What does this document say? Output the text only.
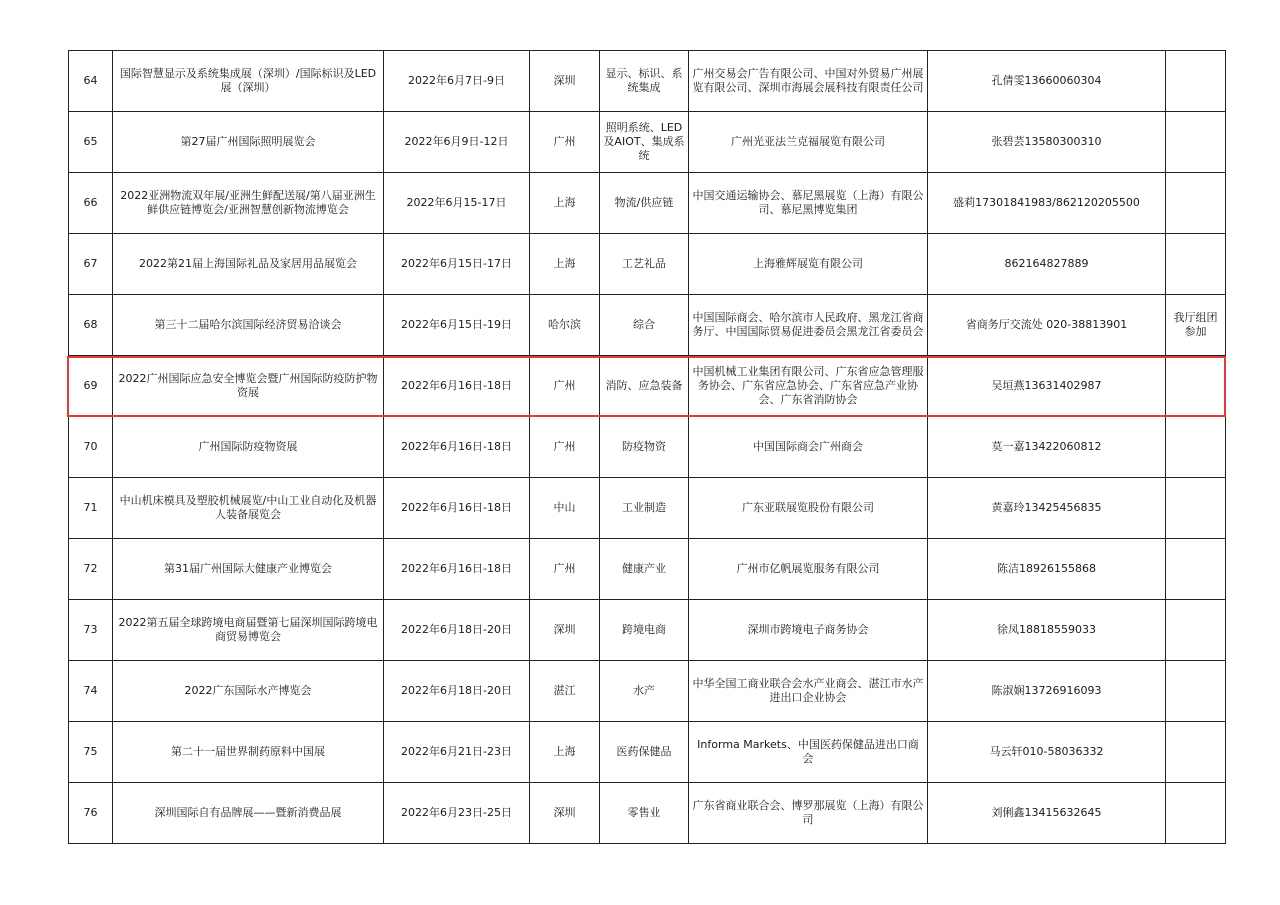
64	国际智慧显示及系统集成展（深圳）/国际标识及LED展（深圳）	2022年6月7日-9日	深圳	显示、标识、系统集成	广州交易会广告有限公司、中国对外贸易广州展览有限公司、深圳市海展会展科技有限责任公司	孔倩雯13660060304	
65	第27届广州国际照明展览会	2022年6月9日-12日	广州	照明系统、LED及AIOT、集成系统	广州光亚法兰克福展览有限公司	张碧芸13580300310	
66	2022亚洲物流双年展/亚洲生鲜配送展/第八届亚洲生鲜供应链博览会/亚洲智慧创新物流博览会	2022年6月15-17日	上海	物流/供应链	中国交通运输协会、慕尼黑展览（上海）有限公司、慕尼黑博览集团	盛莉17301841983/862120205500	
67	2022第21届上海国际礼品及家居用品展览会	2022年6月15日-17日	上海	工艺礼品	上海雅辉展览有限公司	862164827889	
68	第三十二届哈尔滨国际经济贸易洽谈会	2022年6月15日-19日	哈尔滨	综合	中国国际商会、哈尔滨市人民政府、黑龙江省商务厅、中国国际贸易促进委员会黑龙江省委员会	省商务厅交流处 020-38813901	我厅组团参加
69	2022广州国际应急安全博览会暨广州国际防疫防护物资展	2022年6月16日-18日	广州	消防、应急装备	中国机械工业集团有限公司、广东省应急管理服务协会、广东省应急协会、广东省应急产业协会、广东省消防协会	吴垣燕13631402987	
70	广州国际防疫物资展	2022年6月16日-18日	广州	防疫物资	中国国际商会广州商会	莫一嘉13422060812	
71	中山机床模具及塑胶机械展览/中山工业自动化及机器人装备展览会	2022年6月16日-18日	中山	工业制造	广东亚联展览股份有限公司	黄嘉玲13425456835	
72	第31届广州国际大健康产业博览会	2022年6月16日-18日	广州	健康产业	广州市亿帆展览服务有限公司	陈洁18926155868	
73	2022第五届全球跨境电商届暨第七届深圳国际跨境电商贸易博览会	2022年6月18日-20日	深圳	跨境电商	深圳市跨境电子商务协会	徐凤18818559033	
74	2022广东国际水产博览会	2022年6月18日-20日	湛江	水产	中华全国工商业联合会水产业商会、湛江市水产进出口企业协会	陈淑娴13726916093	
75	第二十一届世界制药原料中国展	2022年6月21日-23日	上海	医药保健品	Informa Markets、中国医药保健品进出口商会	马云轩010-58036332	
76	深圳国际自有品牌展——暨新消费品展	2022年6月23日-25日	深圳	零售业	广东省商业联合会、博罗那展览（上海）有限公司	刘俐鑫13415632645	
